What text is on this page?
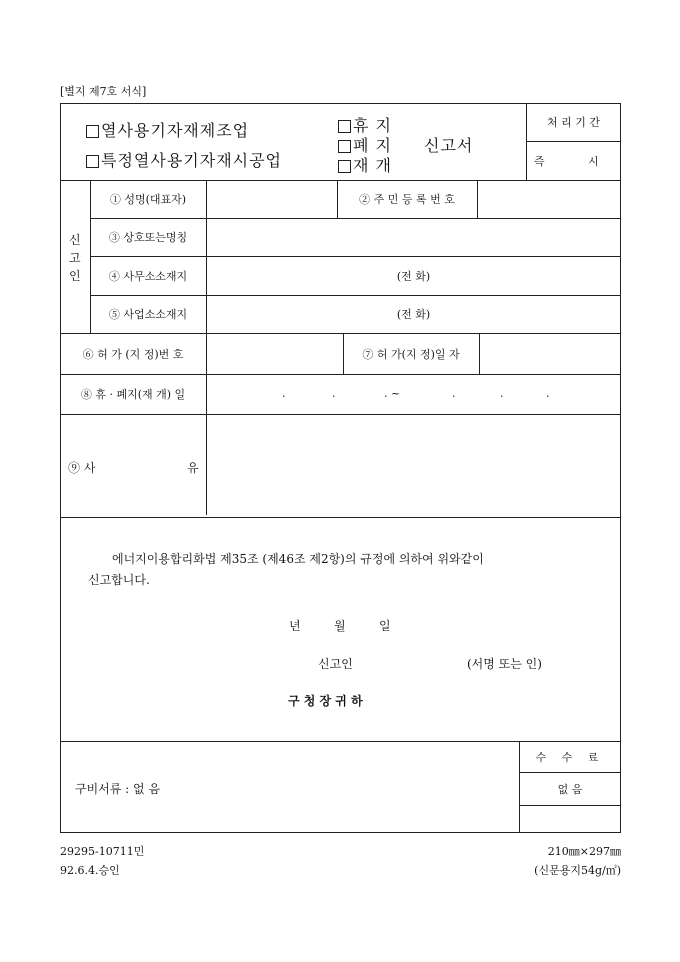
[별지 제7호 서식]
열사용기자재제조업
특정열사용기자재시공업
휴 지
폐 지
재 개
신고서
처 리 기 간
즉 시
신
고
인
① 성명(대표자)	② 주 민 등 록 번 호
③ 상호또는명칭
④ 사무소소재지	(전 화)
⑤ 사업소소재지	(전 화)
⑥ 허 가 (지 정)번 호	⑦ 허 가(지 정)일 자
⑧ 휴 · 폐지(재 개) 일	.	.	. ~	.	.	.
⑨ 사	유
에너지이용합리화법 제35조 (제46조 제2항)의 규정에 의하여 위와같이
신고합니다.
년	월	일
신고인	(서명 또는 인)
구 청 장 귀 하
구비서류 : 없 음
수 수 료
없 음
29295-10711민
92.6.4.승인
210㎜×297㎜
(신문용지54g/㎡)
